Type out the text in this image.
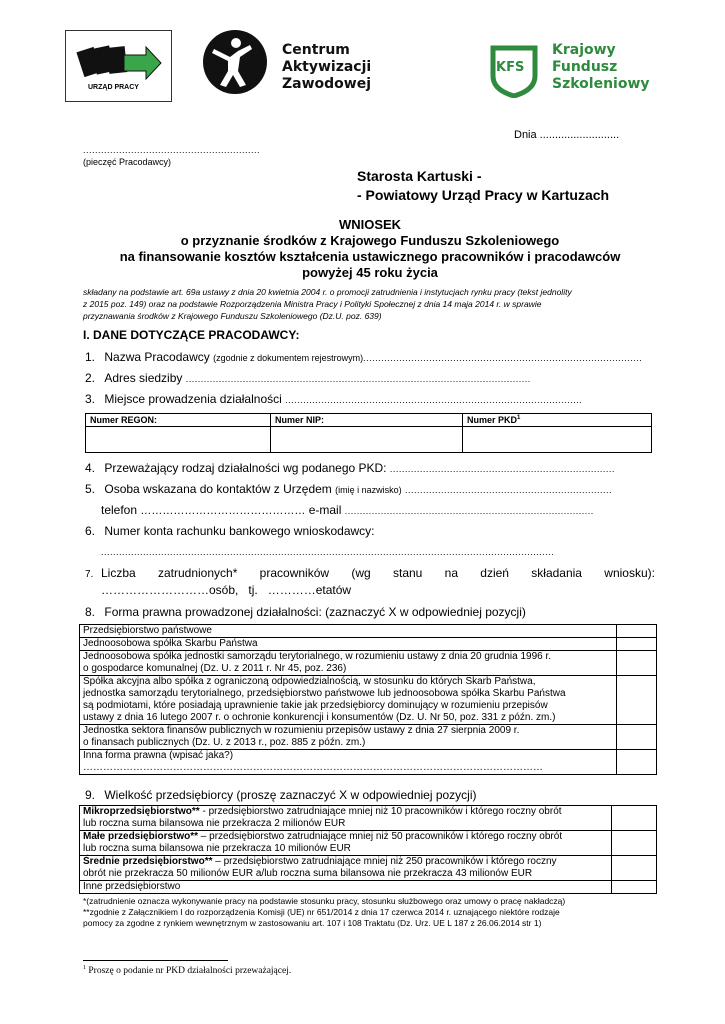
URZĄD PRACY
Centrum
Aktywizacji
Zawodowej
KFS
Krajowy
Fundusz
Szkoleniowy
Dnia ..........................
...........................................................
(pieczęć Pracodawcy)
Starosta Kartuski -
- Powiatowy Urząd Pracy w Kartuzach
WNIOSEK
o przyznanie środków z Krajowego Funduszu Szkoleniowego
na finansowanie kosztów kształcenia ustawicznego pracowników i pracodawców
powyżej 45 roku życia
składany na podstawie art. 69a ustawy z dnia 20 kwietnia 2004 r. o promocji zatrudnienia i instytucjach rynku pracy (tekst jednolity
z 2015 poz. 149) oraz na podstawie Rozporządzenia Ministra Pracy i Polityki Społecznej z dnia 14 maja 2014 r. w sprawie
przyznawania środków z Krajowego Funduszu Szkoleniowego (Dz.U. poz. 639)
I. DANE DOTYCZĄCE PRACODAWCY:
1. Nazwa Pracodawcy (zgodnie z dokumentem rejestrowym).............................................................................................
2. Adres siedziby ...................................................................................................................
3. Miejsce prowadzenia działalności ...................................................................................................
Numer REGON:	Numer NIP:	Numer PKD$^1$

4. Przeważający rodzaj działalności wg podanego PKD: ...........................................................................
5. Osoba wskazana do kontaktów z Urzędem (imię i nazwisko) .....................................................................
telefon ……………………………………… e-mail ...................................................................................
6. Numer konta rachunku bankowego wnioskodawcy:
.......................................................................................................................................................
7. Liczba zatrudnionych* pracowników (wg stanu na dzień składania wniosku):
………………………osób,   tj.   …………etatów
8. Forma prawna prowadzonej działalności: (zaznaczyć X w odpowiedniej pozycji)
Przedsiębiorstwo państwowe	

Jednoosobowa spółka Skarbu Państwa	

Jednoosobowa spółka jednostki samorządu terytorialnego, w rozumieniu ustawy z dnia 20 grudnia 1996 r.
o gospodarce komunalnej (Dz. U. z 2011 r. Nr 45, poz. 236)	

Spółka akcyjna albo spółka z ograniczoną odpowiedzialnością, w stosunku do których Skarb Państwa,
jednostka samorządu terytorialnego, przedsiębiorstwo państwowe lub jednoosobowa spółka Skarbu Państwa
są podmiotami, które posiadają uprawnienie takie jak przedsiębiorcy dominujący w rozumieniu przepisów
ustawy z dnia 16 lutego 2007 r. o ochronie konkurencji i konsumentów (Dz. U. Nr 50, poz. 331 z późn. zm.)	

Jednostka sektora finansów publicznych w rozumieniu przepisów ustawy z dnia 27 sierpnia 2009 r.
o finansach publicznych (Dz. U. z 2013 r., poz. 885 z późn. zm.)	

Inna forma prawna (wpisać jaka?)
…………………………………………………………………………………………………………………………	

9. Wielkość przedsiębiorcy (proszę zaznaczyć X w odpowiedniej pozycji)
Mikroprzedsiębiorstwo** - przedsiębiorstwo zatrudniające mniej niż 10 pracowników i którego roczny obrót
lub roczna suma bilansowa nie przekracza 2 milionów EUR	

Małe przedsiębiorstwo** – przedsiębiorstwo zatrudniające mniej niż 50 pracowników i którego roczny obrót
lub roczna suma bilansowa nie przekracza 10 milionów EUR	

Średnie przedsiębiorstwo** – przedsiębiorstwo zatrudniające mniej niż 250 pracowników i którego roczny
obrót nie przekracza 50 milionów EUR a/lub roczna suma bilansowa nie przekracza 43 milionów EUR	

Inne przedsiębiorstwo	

*(zatrudnienie oznacza wykonywanie pracy na podstawie stosunku pracy, stosunku służbowego oraz umowy o pracę nakładczą)
**zgodnie z Załącznikiem I do rozporządzenia Komisji (UE) nr 651/2014 z dnia 17 czerwca 2014 r. uznającego niektóre rodzaje
pomocy za zgodne z rynkiem wewnętrznym w zastosowaniu art. 107 i 108 Traktatu (Dz. Urz. UE L 187 z 26.06.2014 str 1)
$^1$ Proszę o podanie nr PKD działalności przeważającej.
